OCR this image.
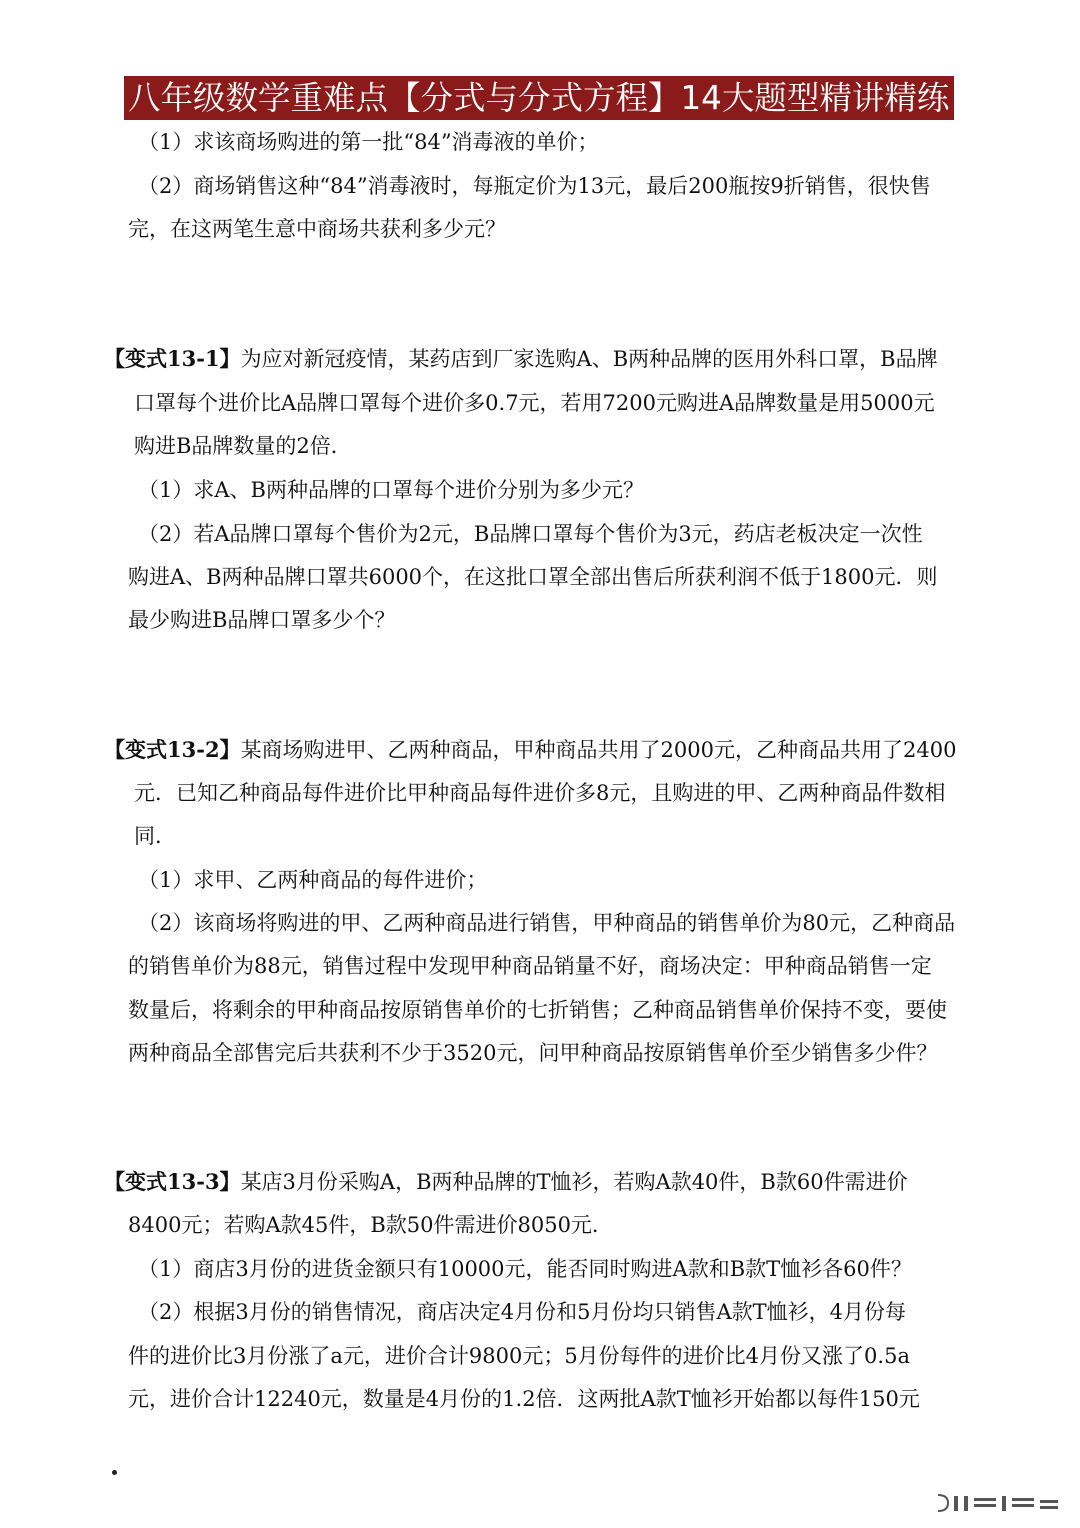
八年级数学重难点【分式与分式方程】14大题型精讲精练
（1）求该商场购进的第一批“84”消毒液的单价；
（2）商场销售这种“84”消毒液时，每瓶定价为13元，最后200瓶按9折销售，很快售
完，在这两笔生意中商场共获利多少元？
【变式13-1】为应对新冠疫情，某药店到厂家选购A、B两种品牌的医用外科口罩，B品牌
口罩每个进价比A品牌口罩每个进价多0.7元，若用7200元购进A品牌数量是用5000元
购进B品牌数量的2倍．
（1）求A、B两种品牌的口罩每个进价分别为多少元？
（2）若A品牌口罩每个售价为2元，B品牌口罩每个售价为3元，药店老板决定一次性
购进A、B两种品牌口罩共6000个，在这批口罩全部出售后所获利润不低于1800元．则
最少购进B品牌口罩多少个？
【变式13-2】某商场购进甲、乙两种商品，甲种商品共用了2000元，乙种商品共用了2400
元．已知乙种商品每件进价比甲种商品每件进价多8元，且购进的甲、乙两种商品件数相
同．
（1）求甲、乙两种商品的每件进价；
（2）该商场将购进的甲、乙两种商品进行销售，甲种商品的销售单价为80元，乙种商品
的销售单价为88元，销售过程中发现甲种商品销量不好，商场决定：甲种商品销售一定
数量后，将剩余的甲种商品按原销售单价的七折销售；乙种商品销售单价保持不变，要使
两种商品全部售完后共获利不少于3520元，问甲种商品按原销售单价至少销售多少件？
【变式13-3】某店3月份采购A，B两种品牌的T恤衫，若购A款40件，B款60件需进价
8400元；若购A款45件，B款50件需进价8050元．
（1）商店3月份的进货金额只有10000元，能否同时购进A款和B款T恤衫各60件？
（2）根据3月份的销售情况，商店决定4月份和5月份均只销售A款T恤衫，4月份每
件的进价比3月份涨了a元，进价合计9800元；5月份每件的进价比4月份又涨了0.5a
元，进价合计12240元，数量是4月份的1.2倍．这两批A款T恤衫开始都以每件150元
